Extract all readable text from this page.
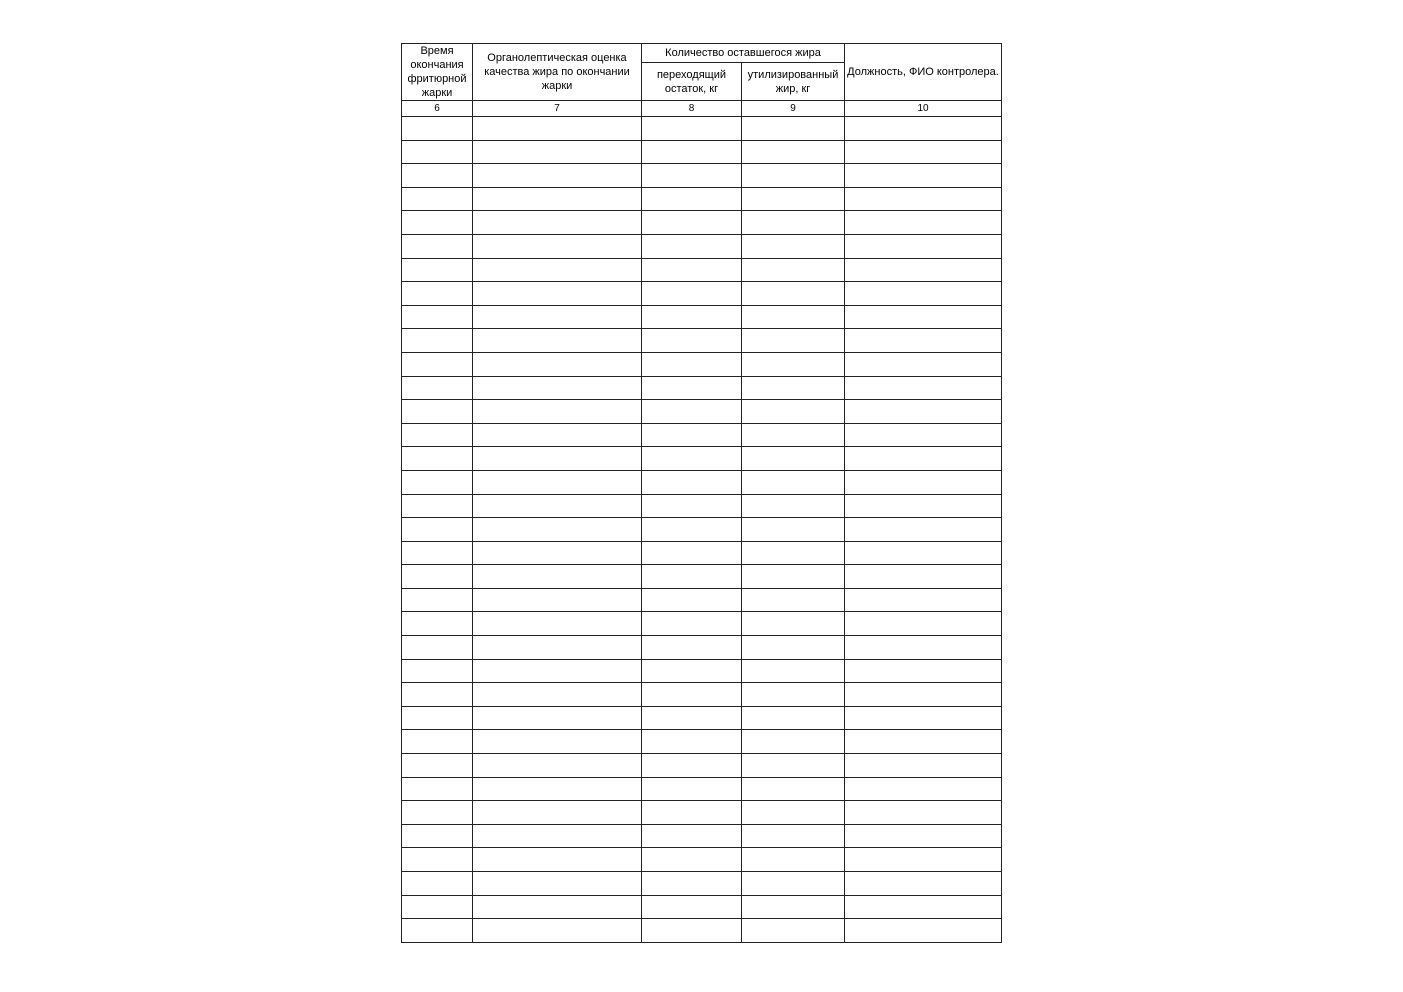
Время окончания фритюрной жарки	Органолептическая оценка качества жира по окончании жарки	Количество оставшегося жира		Должность, ФИО контролера.

		переходящий остаток, кг	утилизированный жир, кг	

6	7	8	9	10
